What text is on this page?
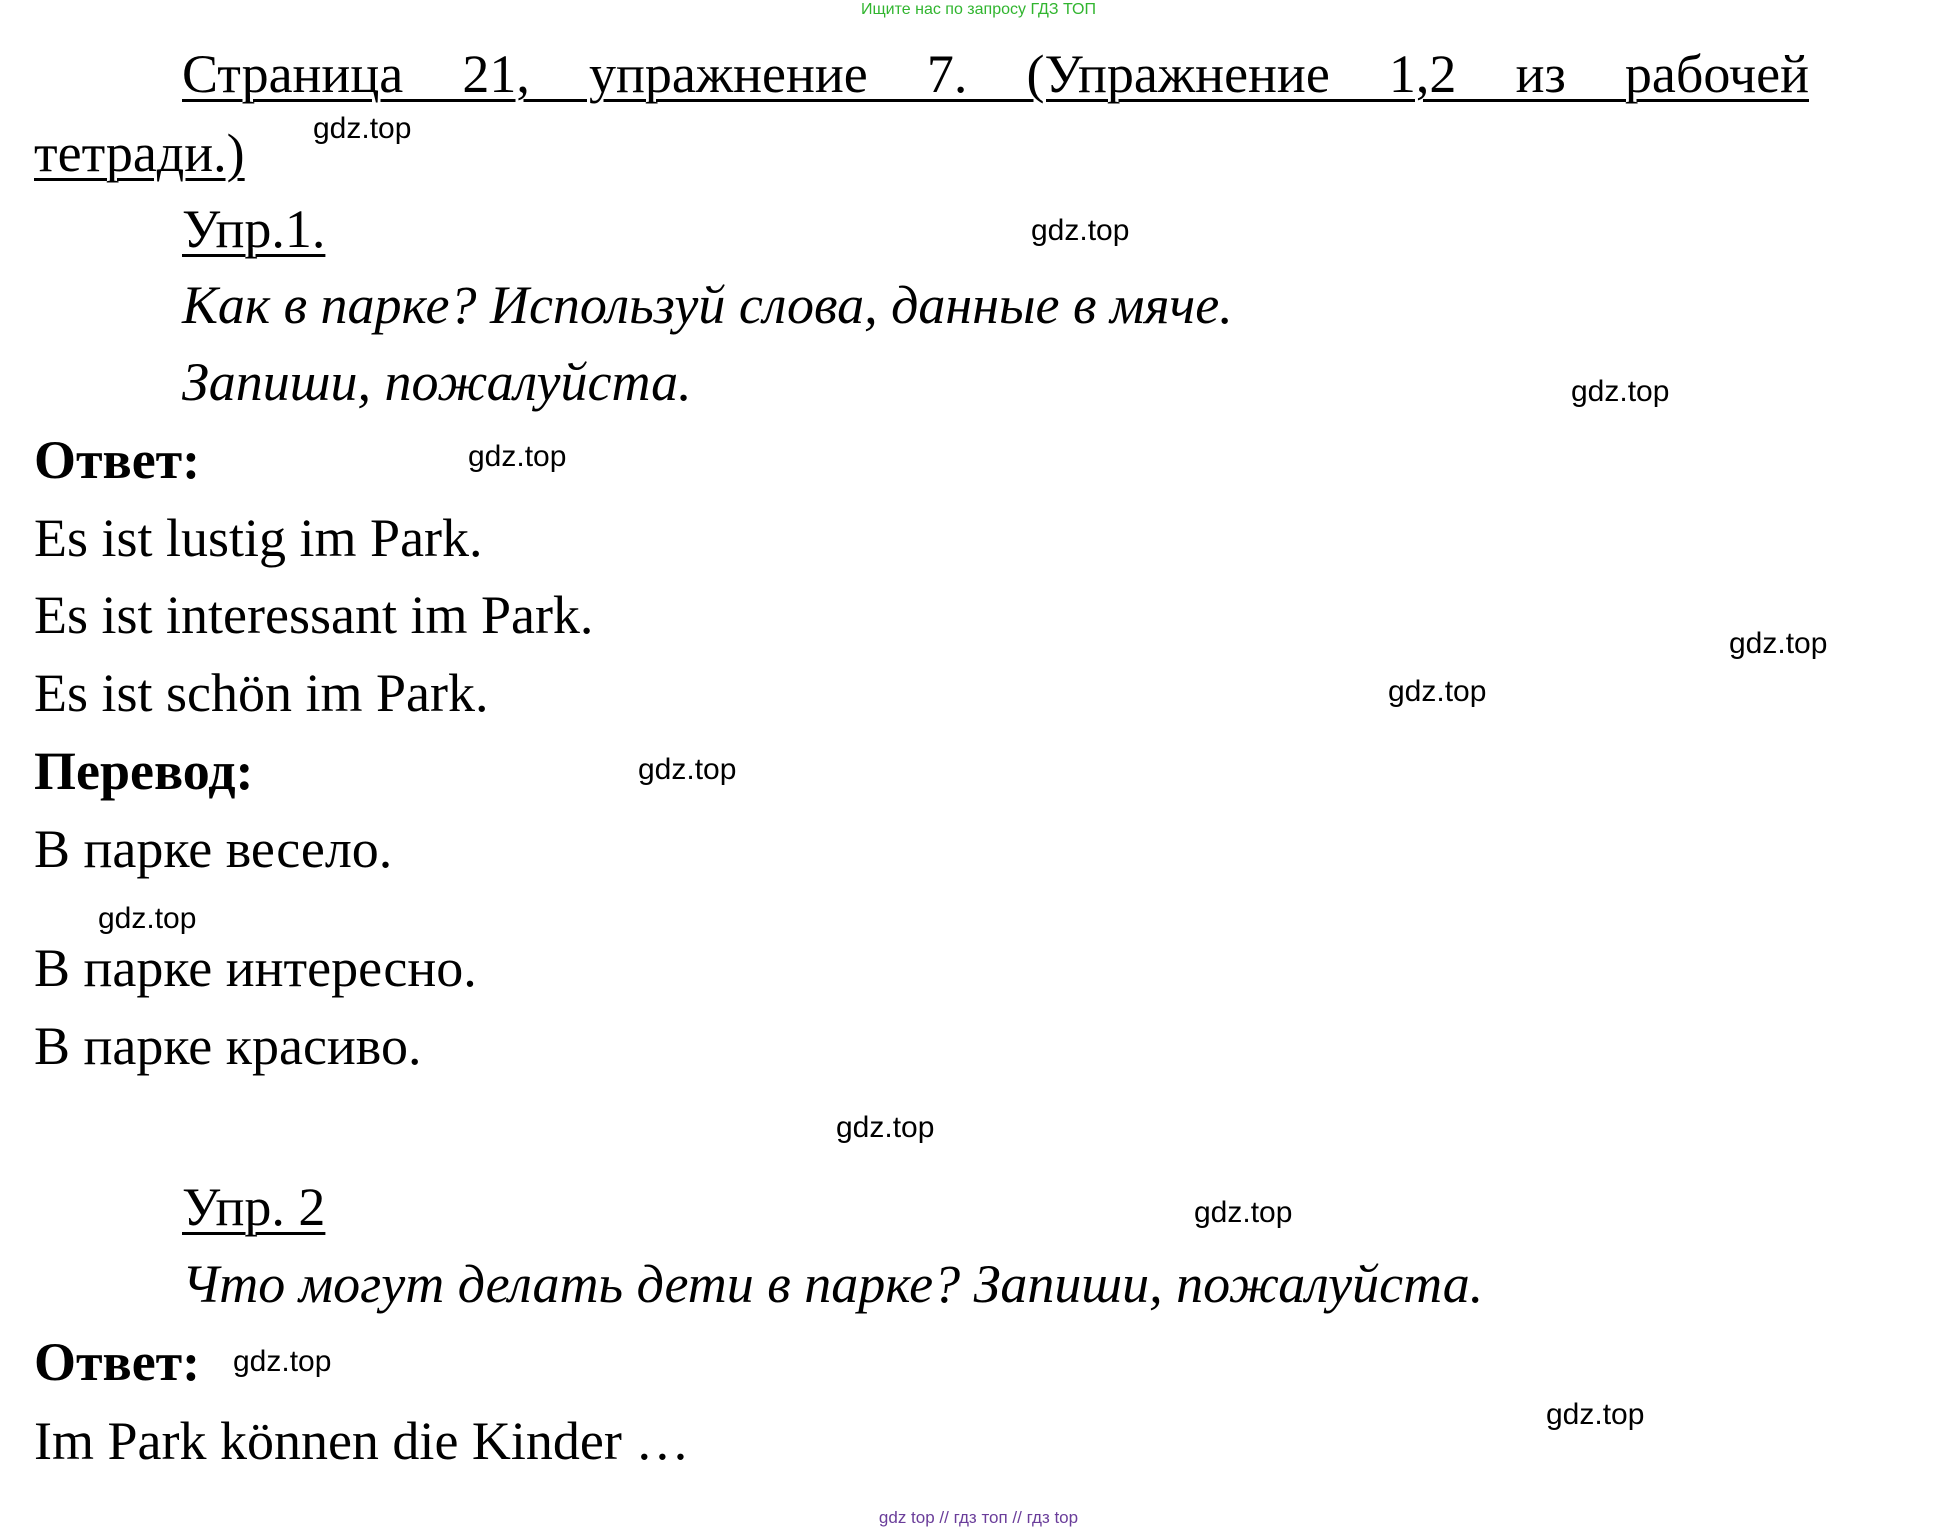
Ищите нас по запросу ГДЗ ТОП
Страница 21, упражнение 7. (Упражнение 1,2 из рабочей
тетради.)
Упр.1.
Как в парке? Используй слова, данные в мяче.
Запиши, пожалуйста.
Ответ:
Es ist lustig im Park.
Es ist interessant im Park.
Es ist schön im Park.
Перевод:
В парке весело.
В парке интересно.
В парке красиво.
Упр. 2
Что могут делать дети в парке? Запиши, пожалуйста.
Ответ:
Im Park können die Kinder …
gdz.top
gdz.top
gdz.top
gdz.top
gdz.top
gdz.top
gdz.top
gdz.top
gdz.top
gdz.top
gdz.top
gdz.top
gdz top // гдз топ // гдз top
